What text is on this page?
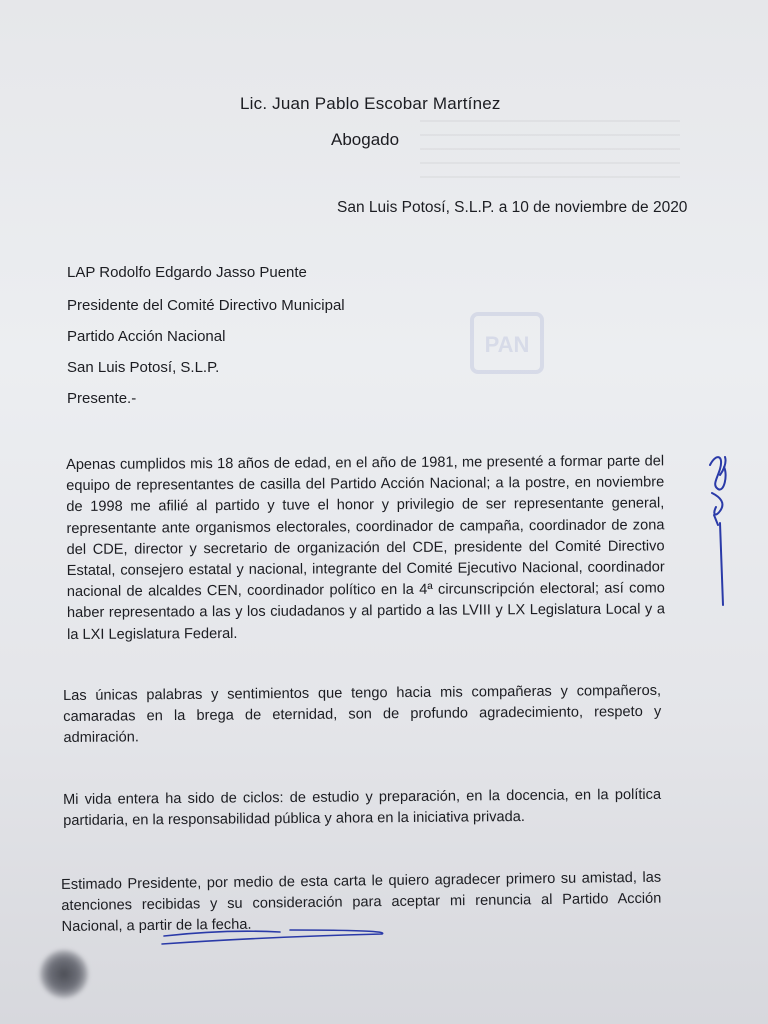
PAN
Lic. Juan Pablo Escobar Martínez
Abogado
San Luis Potosí, S.L.P. a 10 de noviembre de 2020
LAP Rodolfo Edgardo Jasso Puente
Presidente del Comité Directivo Municipal
Partido Acción Nacional
San Luis Potosí, S.L.P.
Presente.-
Apenas cumplidos mis 18 años de edad, en el año de 1981, me presenté a formar parte del equipo de representantes de casilla del Partido Acción Nacional; a la postre, en noviembre de 1998 me afilié al partido y tuve el honor y privilegio de ser representante general, representante ante organismos electorales, coordinador de campaña, coordinador de zona del CDE, director y secretario de organización del CDE, presidente del Comité Directivo Estatal, consejero estatal y nacional, integrante del Comité Ejecutivo Nacional, coordinador nacional de alcaldes CEN, coordinador político en la 4ª circunscripción electoral; así como haber representado a las y los ciudadanos y al partido a las LVIII y LX Legislatura Local y a la LXI Legislatura Federal.
Las únicas palabras y sentimientos que tengo hacia mis compañeras y compañeros, camaradas en la brega de eternidad, son de profundo agradecimiento, respeto y admiración.
Mi vida entera ha sido de ciclos: de estudio y preparación, en la docencia, en la política partidaria, en la responsabilidad pública y ahora en la iniciativa privada.
Estimado Presidente, por medio de esta carta le quiero agradecer primero su amistad, las atenciones recibidas y su consideración para aceptar mi renuncia al Partido Acción Nacional, a partir de la fecha.
